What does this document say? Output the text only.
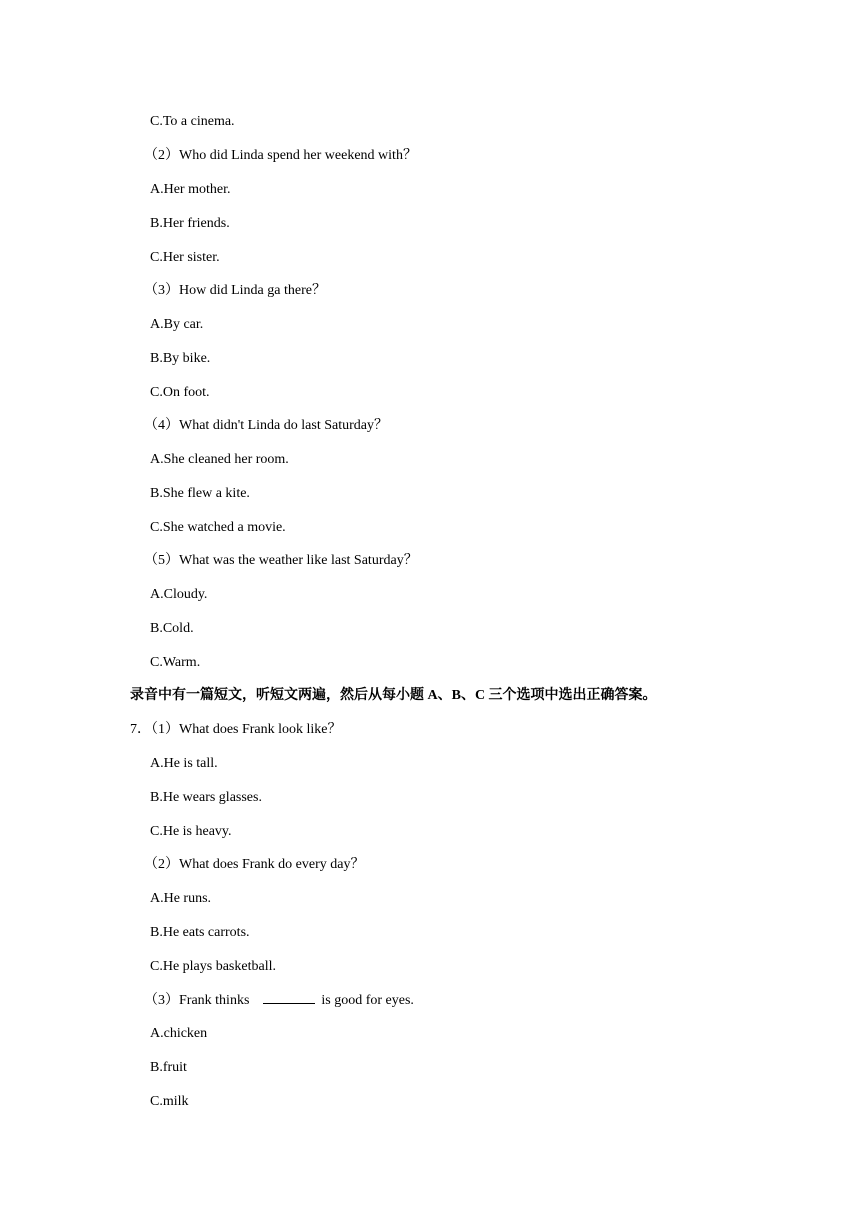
C.To a cinema.
（2）Who did Linda spend her weekend with？
A.Her mother.
B.Her friends.
C.Her sister.
（3）How did Linda ga there？
A.By car.
B.By bike.
C.On foot.
（4）What didn't Linda do last Saturday？
A.She cleaned her room.
B.She flew a kite.
C.She watched a movie.
（5）What was the weather like last Saturday？
A.Cloudy.
B.Cold.
C.Warm.
录音中有一篇短文，听短文两遍，然后从每小题 A、B、C 三个选项中选出正确答案。
7．（1）What does Frank look like？
A.He is tall.
B.He wears glasses.
C.He is heavy.
（2）What does Frank do every day？
A.He runs.
B.He eats carrots.
C.He plays basketball.
（3）Frank thinks	is good for eyes.
A.chicken
B.fruit
C.milk
